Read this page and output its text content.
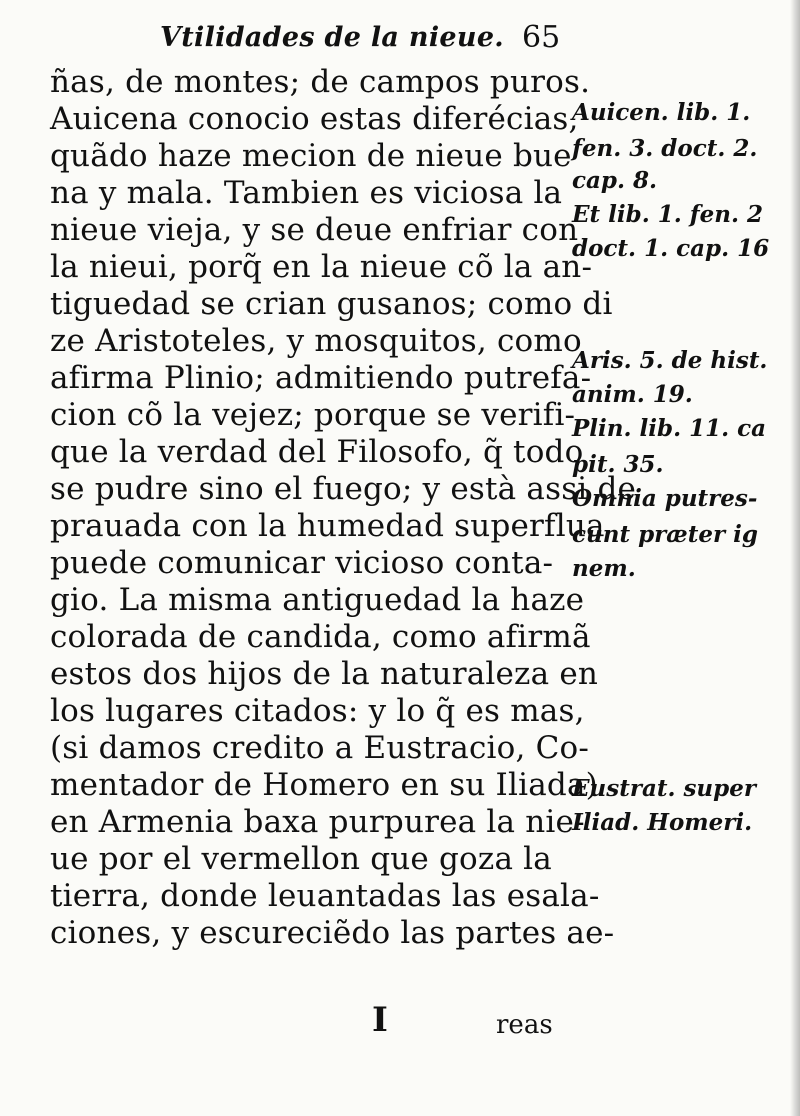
Vtilidades de la nieue. 65
ñas, de montes; de campos puros.
Auicena conocio estas diferécias,
quãdo haze mecion de nieue bue
na y mala. Tambien es viciosa la
nieue vieja, y se deue enfriar con
la nieui, porq̃ en la nieue cõ la an-
tiguedad se crian gusanos; como di
ze Aristoteles, y mosquitos, como
afirma Plinio; admitiendo putrefa-
cion cõ la vejez; porque se verifi-
que la verdad del Filosofo, q̃ todo
se pudre sino el fuego; y està assi de
prauada con la humedad superflua
puede comunicar vicioso conta-
gio. La misma antiguedad la haze
colorada de candida, como afirmã
estos dos hijos de la naturaleza en
los lugares citados: y lo q̃ es mas,
(si damos credito a Eustracio, Co-
mentador de Homero en su Iliada)
en Armenia baxa purpurea la nie-
ue por el vermellon que goza la
tierra, donde leuantadas las esala-
ciones, y escureciẽdo las partes ae-
Auicen. lib. 1.
fen. 3. doct. 2.
cap. 8.
Et lib. 1. fen. 2
doct. 1. cap. 16
Aris. 5. de hist.
anim. 19.
Plin. lib. 11. ca
pit. 35.
Omnia putres-
cunt præter ig
nem.
Eustrat. super
Iliad. Homeri.
I	reas
